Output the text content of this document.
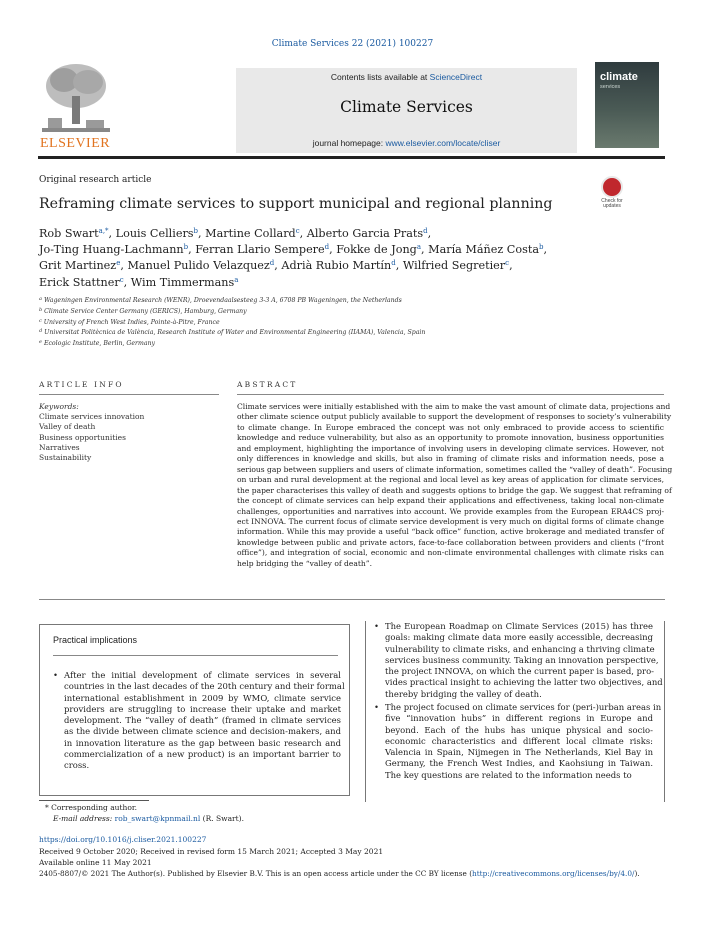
Climate Services 22 (2021) 100227
ELSEVIER
Contents lists available at ScienceDirect
Climate Services
journal homepage: www.elsevier.com/locate/cliser
climate
services
Original research article
Reframing climate services to support municipal and regional planning	Check for updates
Rob Swart$^{a,*}$, Louis Celliers$^b$, Martine Collard$^c$, Alberto Garcia Prats$^d$,
Jo-Ting Huang-Lachmann$^b$, Ferran Llario Sempere$^d$, Fokke de Jong$^a$, María Máñez Costa$^b$,
Grit Martinez$^e$, Manuel Pulido Velazquez$^d$, Adrià Rubio Martín$^d$, Wilfried Segretier$^c$,
Erick Stattner$^c$, Wim Timmermans$^a$
$^a$ Wageningen Environmental Research (WENR), Droevendaalsesteeg 3-3 A, 6708 PB Wageningen, the Netherlands
$^b$ Climate Service Center Germany (GERICS), Hamburg, Germany
$^c$ University of French West Indies, Pointe-à-Pitre, France
$^d$ Universitat Politècnica de València, Research Institute of Water and Environmental Engineering (IIAMA), Valencia, Spain
$^e$ Ecologic Institute, Berlin, Germany
ARTICLE INFO	ABSTRACT
Keywords:
Climate services innovation
Valley of death
Business opportunities
Narratives
Sustainability
Climate services were initially established with the aim to make the vast amount of climate data, projections and
other climate science output publicly available to support the development of responses to society’s vulnerability
to climate change. In Europe embraced the concept was not only embraced to provide access to scientific
knowledge and reduce vulnerability, but also as an opportunity to promote innovation, business opportunities
and employment, highlighting the importance of involving users in developing climate services. However, not
only differences in knowledge and skills, but also in framing of climate risks and information needs, pose a
serious gap between suppliers and users of climate information, sometimes called the “valley of death”. Focusing
on urban and rural development at the regional and local level as key areas of application for climate services,
the paper characterises this valley of death and suggests options to bridge the gap. We suggest that reframing of
the concept of climate services can help expand their applications and effectiveness, taking local non-climate
challenges, opportunities and narratives into account. We provide examples from the European ERA4CS proj-
ect INNOVA. The current focus of climate service development is very much on digital forms of climate change
information. While this may provide a useful “back office” function, active brokerage and mediated transfer of
knowledge between public and private actors, face-to-face collaboration between providers and clients (“front
office”), and integration of social, economic and non-climate environmental challenges with climate risks can
help bridging the “valley of death”.
Practical implications
• After the initial development of climate services in several
countries in the last decades of the 20th century and their formal
international establishment in 2009 by WMO, climate service
providers are struggling to increase their uptake and market
development. The “valley of death” (framed in climate services
as the divide between climate science and decision-makers, and
in innovation literature as the gap between basic research and
commercialization of a new product) is an important barrier to
cross.
• The European Roadmap on Climate Services (2015) has three
goals: making climate data more easily accessible, decreasing
vulnerability to climate risks, and enhancing a thriving climate
services business community. Taking an innovation perspective,
the project INNOVA, on which the current paper is based, pro-
vides practical insight to achieving the latter two objectives, and
thereby bridging the valley of death.
• The project focused on climate services for (peri-)urban areas in
five “innovation hubs” in different regions in Europe and
beyond. Each of the hubs has unique physical and socio-
economic characteristics and different local climate risks:
Valencia in Spain, Nijmegen in The Netherlands, Kiel Bay in
Germany, the French West Indies, and Kaohsiung in Taiwan.
The key questions are related to the information needs to
* Corresponding author.
E-mail address: rob_swart@kpnmail.nl (R. Swart).
https://doi.org/10.1016/j.cliser.2021.100227
Received 9 October 2020; Received in revised form 15 March 2021; Accepted 3 May 2021
Available online 11 May 2021
2405-8807/© 2021 The Author(s). Published by Elsevier B.V. This is an open access article under the CC BY license (http://creativecommons.org/licenses/by/4.0/).
